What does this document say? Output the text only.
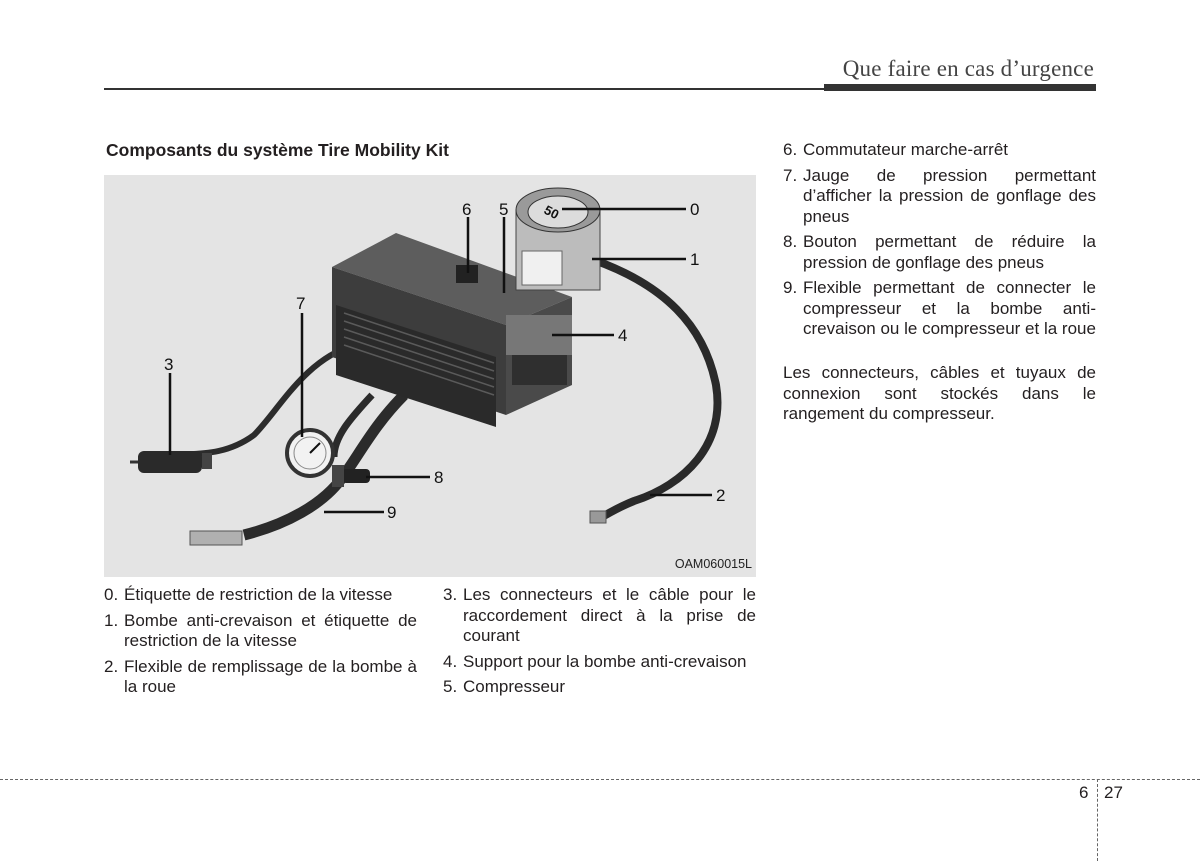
Que faire en cas d’urgence
Composants du système Tire Mobility Kit
50	0
1
2
3
4
5
6
7
8
9
OAM060015L
0. Étiquette de restriction de la vitesse
1. Bombe anti-crevaison et étiquette de restriction de la vitesse
2. Flexible de remplissage de la bombe à la roue
3. Les connecteurs et le câble pour le raccordement direct à la prise de courant
4. Support pour la bombe anti-crevaison
5. Compresseur
6. Commutateur marche-arrêt
7. Jauge de pression permettant d’afficher la pression de gonflage des pneus
8. Bouton permettant de réduire la pression de gonflage des pneus
9. Flexible permettant de connecter le compresseur et la bombe anti-crevaison ou le compresseur et la roue

Les connecteurs, câbles et tuyaux de connexion sont stockés dans le rangement du compresseur.

6 27
